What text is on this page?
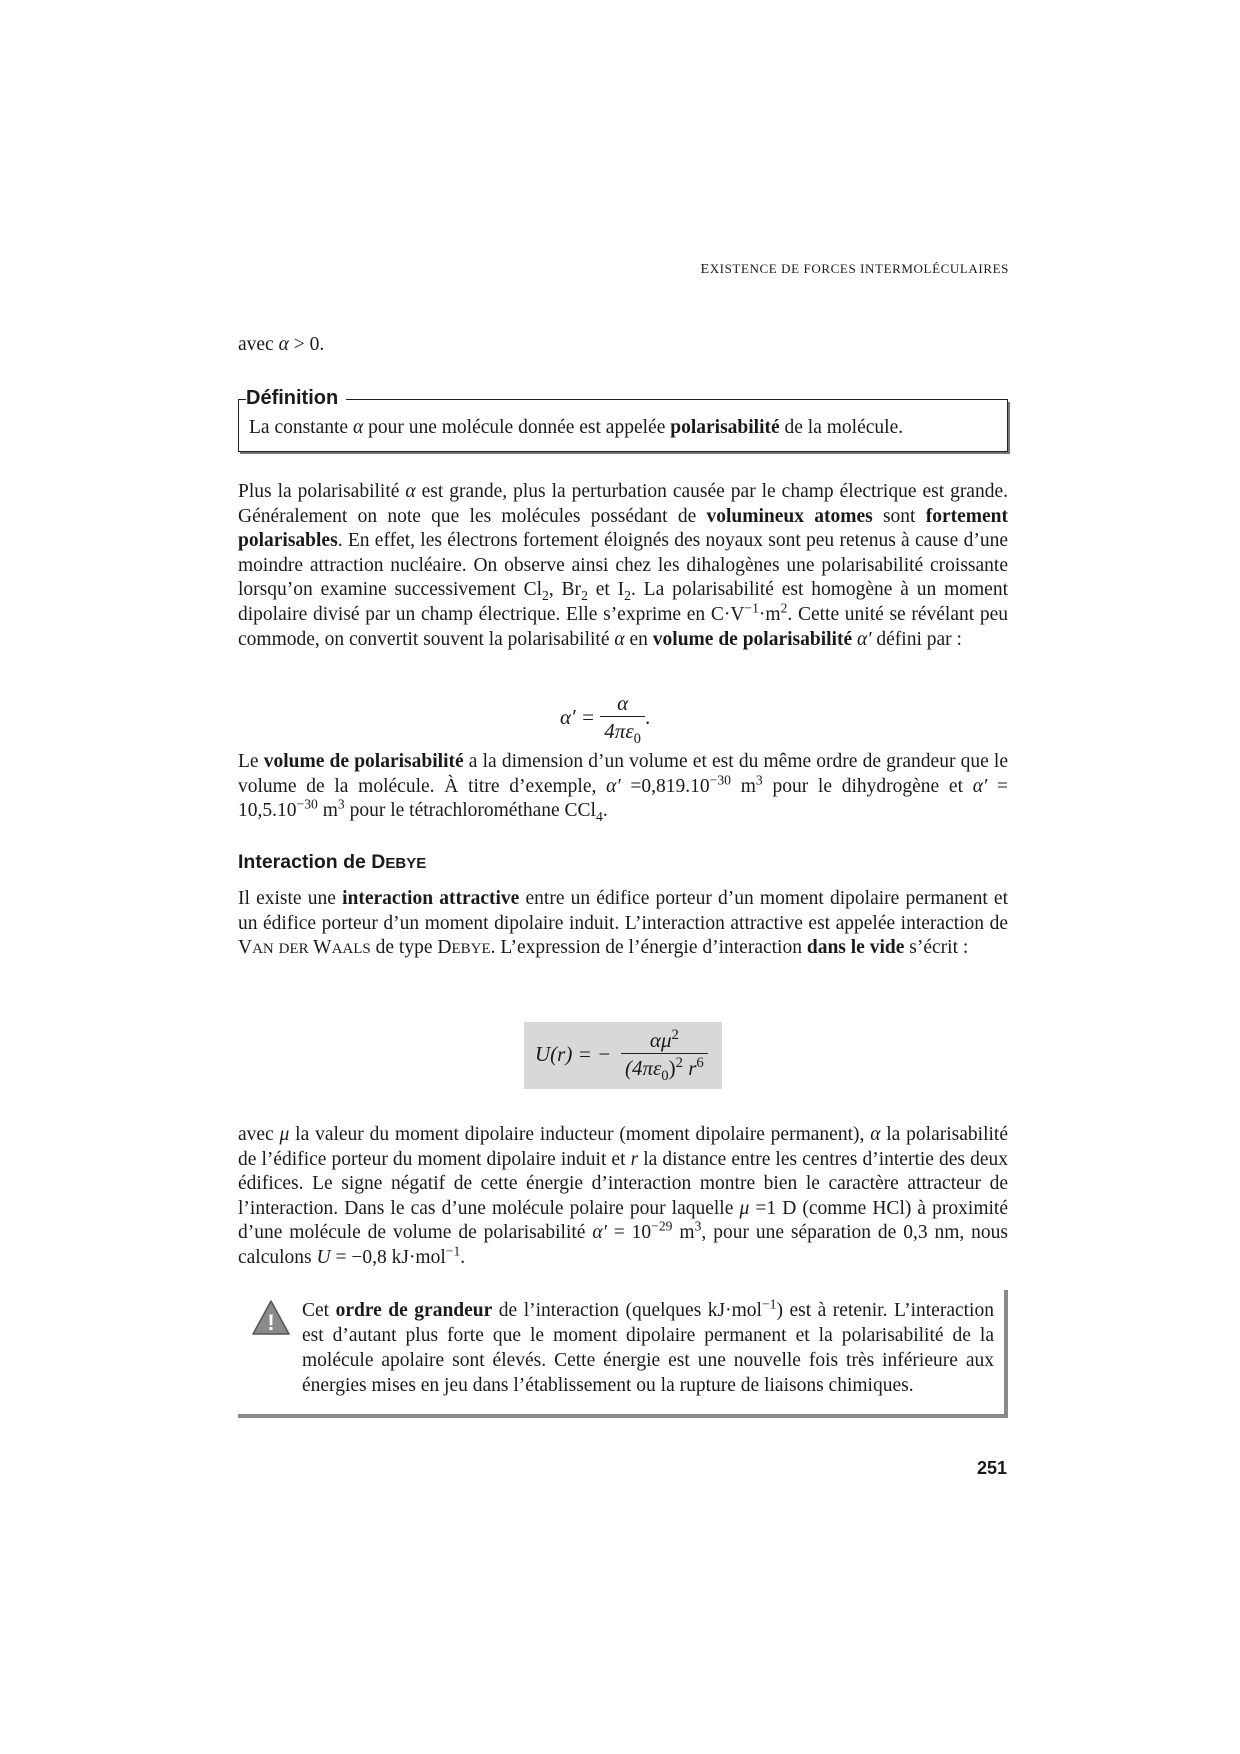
EXISTENCE DE FORCES INTERMOLÉCULAIRES
avec α > 0.
La constante α pour une molécule donnée est appelée polarisabilité de la molécule.
Définition
Plus la polarisabilité α est grande, plus la perturbation causée par le champ électrique est grande. Généralement on note que les molécules possédant de volumineux atomes sont fortement polarisables. En effet, les électrons fortement éloignés des noyaux sont peu retenus à cause d’une moindre attraction nucléaire. On observe ainsi chez les dihalogènes une polarisabilité croissante lorsqu’on examine successivement $Cl_2$, $Br_2$ et $I_2$. La polarisabilité est homogène à un moment dipolaire divisé par un champ électrique. Elle s’exprime en $C\cdot V^{-1}\cdot m^2$. Cette unité se révélant peu commode, on convertit souvent la polarisabilité α en volume de polarisabilité α′ défini par :
$\alpha' = \frac{\alpha}{4\pi\varepsilon_0}$ .
Le volume de polarisabilité a la dimension d’un volume et est du même ordre de grandeur que le volume de la molécule. À titre d’exemple, $\alpha' =0,819.10^{-30}$ $m^3$ pour le dihydrogène et $\alpha' = 10,5.10^{-30}$ $m^3$ pour le tétrachlorométhane CCl$_4$.
Interaction de DEBYE
Il existe une interaction attractive entre un édifice porteur d’un moment dipolaire permanent et un édifice porteur d’un moment dipolaire induit. L’interaction attractive est appelée interaction de VAN DER WAALS de type DEBYE. L’expression de l’énergie d’interaction dans le vide s’écrit :
U(r) = − $\frac{\alpha\mu^2}{(4\pi\varepsilon_0)^2 r^6}$
avec μ la valeur du moment dipolaire inducteur (moment dipolaire permanent), α la polarisabilité de l’édifice porteur du moment dipolaire induit et r la distance entre les centres d’intertie des deux édifices. Le signe négatif de cette énergie d’interaction montre bien le caractère attracteur de l’interaction. Dans le cas d’une molécule polaire pour laquelle μ =1 D (comme HCl) à proximité d’une molécule de volume de polarisabilité $\alpha' = 10^{-29}$ $m^3$, pour une séparation de 0,3 nm, nous calculons U = −0,8 kJ·mol$^{-1}$.
! Cet ordre de grandeur de l’interaction (quelques kJ·mol$^{-1}$) est à retenir. L’interaction est d’autant plus forte que le moment dipolaire permanent et la polarisabilité de la molécule apolaire sont élevés. Cette énergie est une nouvelle fois très inférieure aux énergies mises en jeu dans l’établissement ou la rupture de liaisons chimiques.
251
